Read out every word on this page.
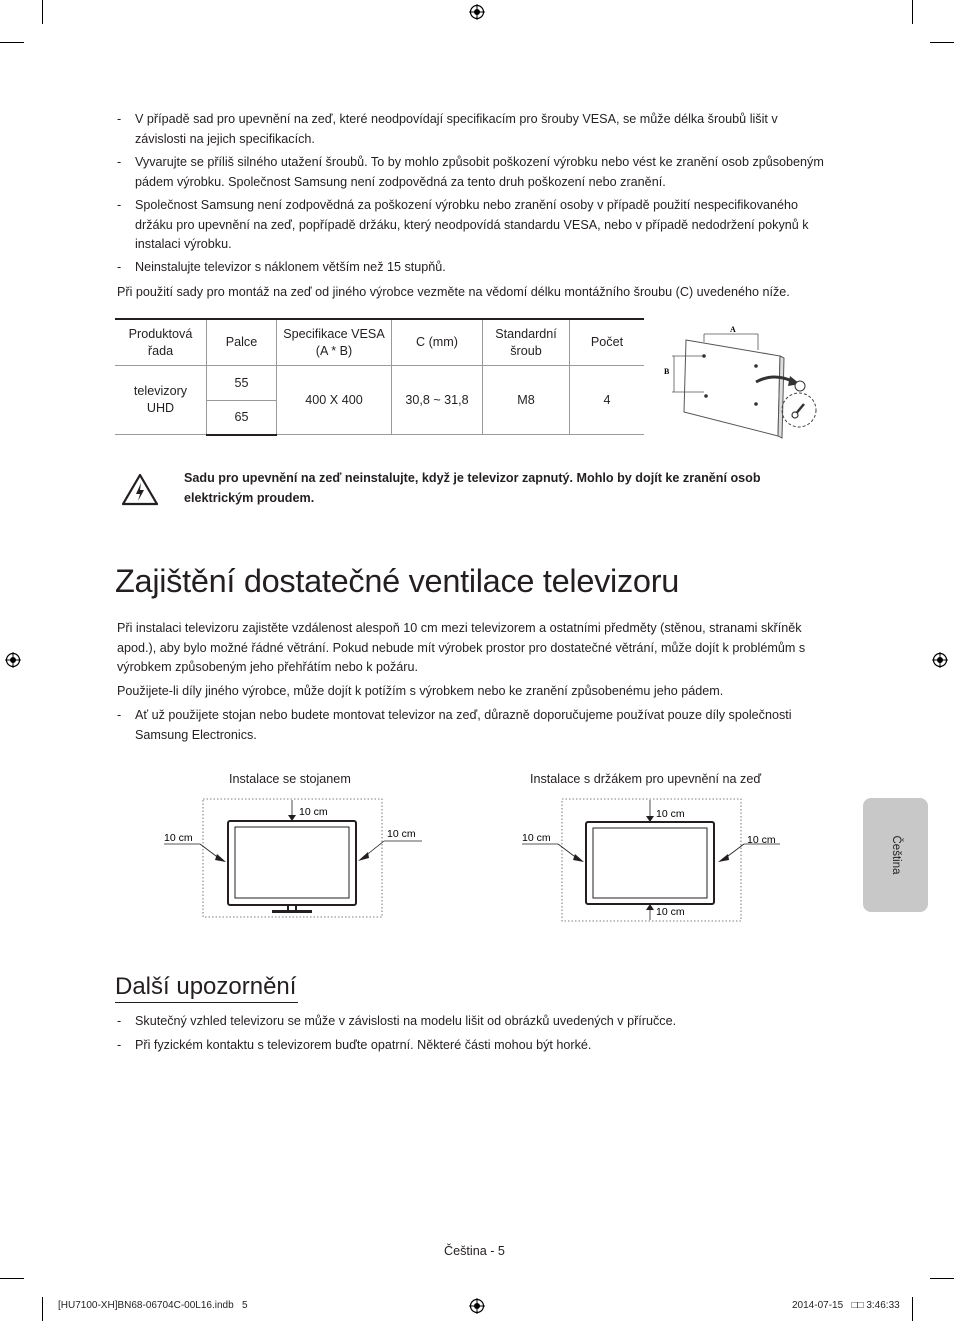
- V případě sad pro upevnění na zeď, které neodpovídají specifikacím pro šrouby VESA, se může délka šroubů lišit v závislosti na jejich specifikacích.
- Vyvarujte se příliš silného utažení šroubů. To by mohlo způsobit poškození výrobku nebo vést ke zranění osob způsobeným pádem výrobku. Společnost Samsung není zodpovědná za tento druh poškození nebo zranění.
- Společnost Samsung není zodpovědná za poškození výrobku nebo zranění osoby v případě použití nespecifikovaného držáku pro upevnění na zeď, popřípadě držáku, který neodpovídá standardu VESA, nebo v případě nedodržení pokynů k instalaci výrobku.
- Neinstalujte televizor s náklonem větším než 15 stupňů.
Při použití sady pro montáž na zeď od jiného výrobce vezměte na vědomí délku montážního šroubu (C) uvedeného níže.
Produktová řada	Palce	Specifikace VESA (A * B)	C (mm)	Standardní šroub	Počet
televizory UHD	55	400 X 400	30,8 ~ 31,8	M8	4
	65				
A
B
Sadu pro upevnění na zeď neinstalujte, když je televizor zapnutý. Mohlo by dojít ke zranění osob elektrickým proudem.
Zajištění dostatečné ventilace televizoru
Při instalaci televizoru zajistěte vzdálenost alespoň 10 cm mezi televizorem a ostatními předměty (stěnou, stranami skříněk apod.), aby bylo možné řádné větrání. Pokud nebude mít výrobek prostor pro dostatečné větrání, může dojít k problémům s výrobkem způsobeným jeho přehřátím nebo k požáru.
Použijete-li díly jiného výrobce, může dojít k potížím s výrobkem nebo ke zranění způsobenému jeho pádem.
- Ať už použijete stojan nebo budete montovat televizor na zeď, důrazně doporučujeme používat pouze díly společnosti Samsung Electronics.
Instalace se stojanem
10 cm
10 cm	10 cm
Instalace s držákem pro upevnění na zeď
10 cm
10 cm	10 cm
10 cm
Další upozornění
- Skutečný vzhled televizoru se může v závislosti na modelu lišit od obrázků uvedených v příručce.
- Při fyzickém kontaktu s televizorem buďte opatrní. Některé části mohou být horké.
Čeština
Čeština - 5
[HU7100-XH]BN68-06704C-00L16.indb   5	2014-07-15   □□ 3:46:33
